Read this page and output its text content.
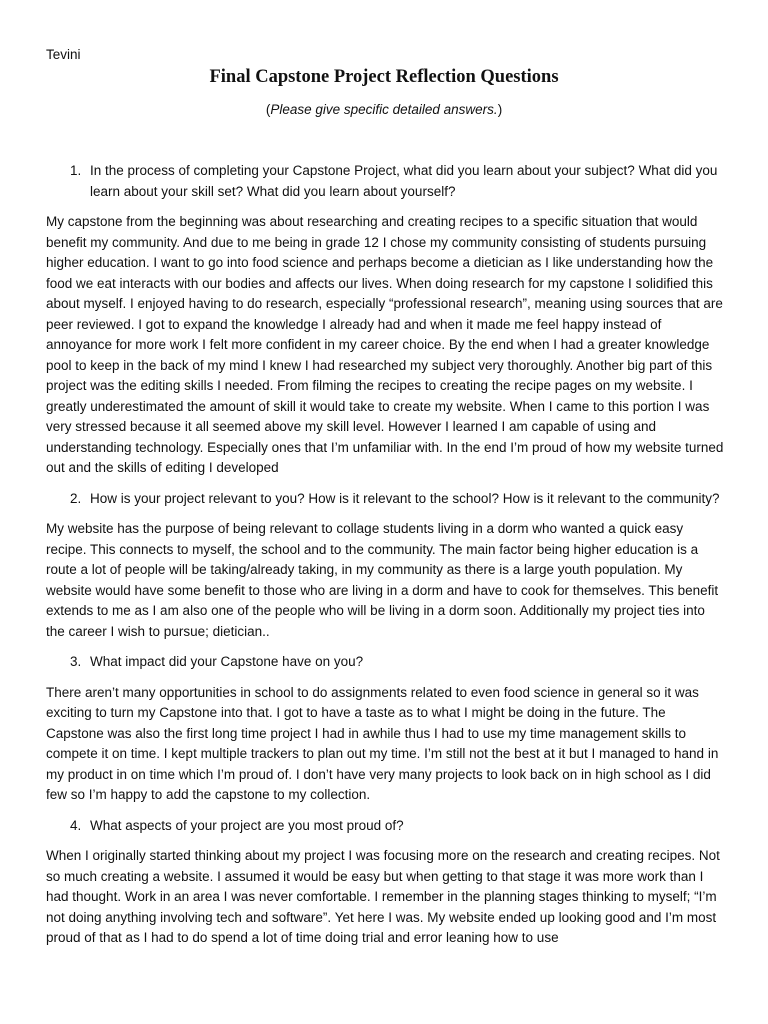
Tevini
Final Capstone Project Reflection Questions
(Please give specific detailed answers.)
1. In the process of completing your Capstone Project, what did you learn about your subject? What did you learn about your skill set? What did you learn about yourself?
My capstone from the beginning was about researching and creating recipes to a specific situation that would benefit my community. And due to me being in grade 12 I chose my community consisting of students pursuing higher education. I want to go into food science and perhaps become a dietician as I like understanding how the food we eat interacts with our bodies and affects our lives. When doing research for my capstone I solidified this about myself. I enjoyed having to do research, especially “professional research”, meaning using sources that are peer reviewed. I got to expand the knowledge I already had and when it made me feel happy instead of annoyance for more work I felt more confident in my career choice. By the end when I had a greater knowledge pool to keep in the back of my mind I knew I had researched my subject very thoroughly. Another big part of this project was the editing skills I needed. From filming the recipes to creating the recipe pages on my website. I greatly underestimated the amount of skill it would take to create my website. When I came to this portion I was very stressed because it all seemed above my skill level. However I learned I am capable of using and understanding technology. Especially ones that I’m unfamiliar with. In the end I’m proud of how my website turned out and the skills of editing I developed
2. How is your project relevant to you? How is it relevant to the school? How is it relevant to the community?
My website has the purpose of being relevant to collage students living in a dorm who wanted a quick easy recipe. This connects to myself, the school and to the community. The main factor being higher education is a route a lot of people will be taking/already taking, in my community as there is a large youth population. My website would have some benefit to those who are living in a dorm and have to cook for themselves. This benefit extends to me as I am also one of the people who will be living in a dorm soon. Additionally my project ties into the career I wish to pursue; dietician..
3. What impact did your Capstone have on you?
There aren’t many opportunities in school to do assignments related to even food science in general so it was exciting to turn my Capstone into that. I got to have a taste as to what I might be doing in the future. The Capstone was also the first long time project I had in awhile thus I had to use my time management skills to compete it on time. I kept multiple trackers to plan out my time. I’m still not the best at it but I managed to hand in my product in on time which I’m proud of. I don’t have very many projects to look back on in high school as I did few so I’m happy to add the capstone to my collection.
4. What aspects of your project are you most proud of?
When I originally started thinking about my project I was focusing more on the research and creating recipes. Not so much creating a website. I assumed it would be easy but when getting to that stage it was more work than I had thought. Work in an area I was never comfortable. I remember in the planning stages thinking to myself; “I’m not doing anything involving tech and software”. Yet here I was. My website ended up looking good and I’m most proud of that as I had to do spend a lot of time doing trial and error leaning how to use
